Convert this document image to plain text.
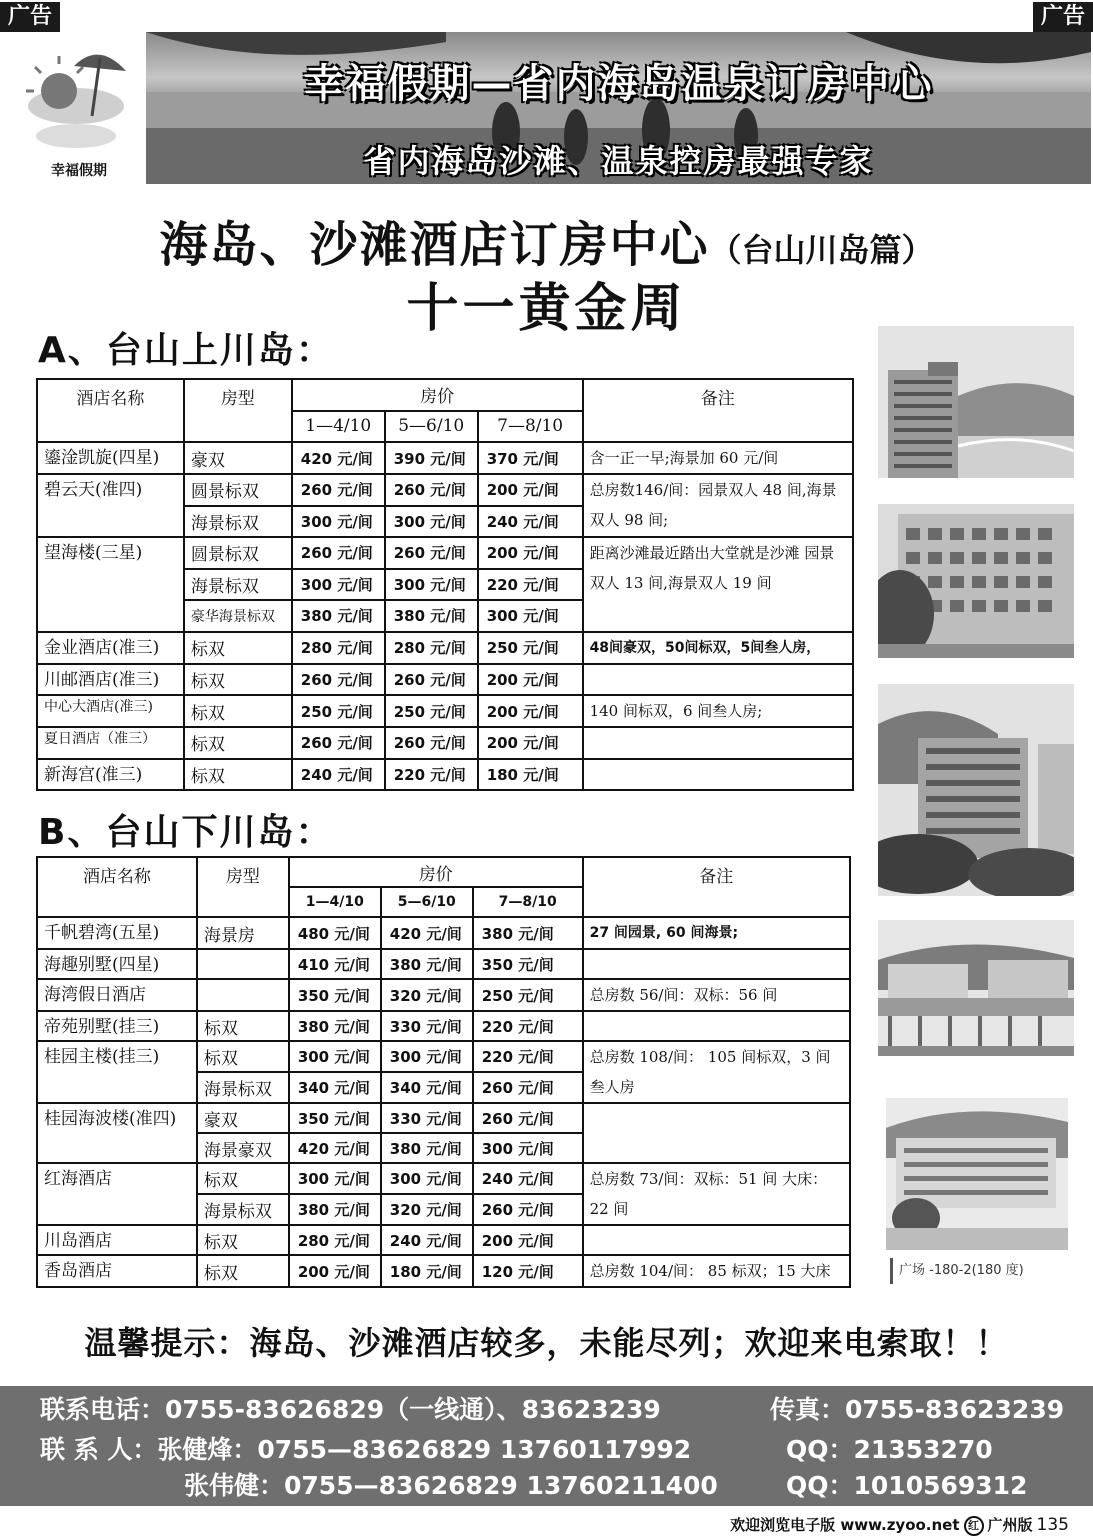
广告	广告
幸福假期
幸福假期—省内海岛温泉订房中心
省内海岛沙滩、温泉控房最强专家
海岛、沙滩酒店订房中心（台山川岛篇）
十一黄金周
A、台山上川岛：
酒店名称	房型	房价			备注
		1—4/10	5—6/10	7—8/10	
鎏淦凯旋(四星)	豪双	420 元/间	390 元/间	370 元/间	含一正一早;海景加 60 元/间
碧云天(准四)	圆景标双	260 元/间	260 元/间	200 元/间	总房数146/间：园景双人 48 间,海景双人 98 间;
	海景标双	300 元/间	300 元/间	240 元/间	
望海楼(三星)	圆景标双	260 元/间	260 元/间	200 元/间	距离沙滩最近踏出大堂就是沙滩 园景双人 13 间,海景双人 19 间
	海景标双	300 元/间	300 元/间	220 元/间	
	豪华海景标双	380 元/间	380 元/间	300 元/间	
金业酒店(准三)	标双	280 元/间	280 元/间	250 元/间	48间豪双，50间标双，5间叁人房，
川邮酒店(准三)	标双	260 元/间	260 元/间	200 元/间	
中心大酒店(准三)	标双	250 元/间	250 元/间	200 元/间	140 间标双，6 间叁人房;
夏日酒店（准三）	标双	260 元/间	260 元/间	200 元/间	
新海宫(准三)	标双	240 元/间	220 元/间	180 元/间	
B、台山下川岛：
酒店名称	房型	房价			备注
		1—4/10	5—6/10	7—8/10	
千帆碧湾(五星)	海景房	480 元/间	420 元/间	380 元/间	27 间园景, 60 间海景;
海趣别墅(四星)		410 元/间	380 元/间	350 元/间	
海湾假日酒店		350 元/间	320 元/间	250 元/间	总房数 56/间：双标：56 间
帝苑别墅(挂三)	标双	380 元/间	330 元/间	220 元/间	
桂园主楼(挂三)	标双	300 元/间	300 元/间	220 元/间	总房数 108/间： 105 间标双，3 间叁人房
	海景标双	340 元/间	340 元/间	260 元/间	
桂园海波楼(准四)	豪双	350 元/间	330 元/间	260 元/间	
	海景豪双	420 元/间	380 元/间	300 元/间	
红海酒店	标双	300 元/间	300 元/间	240 元/间	总房数 73/间：双标：51 间 大床：22 间
	海景标双	380 元/间	320 元/间	260 元/间	
川岛酒店	标双	280 元/间	240 元/间	200 元/间	
香岛酒店	标双	200 元/间	180 元/间	120 元/间	总房数 104/间： 85 标双；15 大床	广场 -180-2(180 度)
温馨提示：海岛、沙滩酒店较多，未能尽列；欢迎来电索取！！
联系电话：0755-83626829（一线通）、83623239	传真：0755-83623239
联 系 人：张健烽：0755—83626829 13760117992	QQ：21353270
张伟健：0755—83626829 13760211400	QQ：1010569312
欢迎浏览电子版 www.zyoo.net 红 广州版 135
